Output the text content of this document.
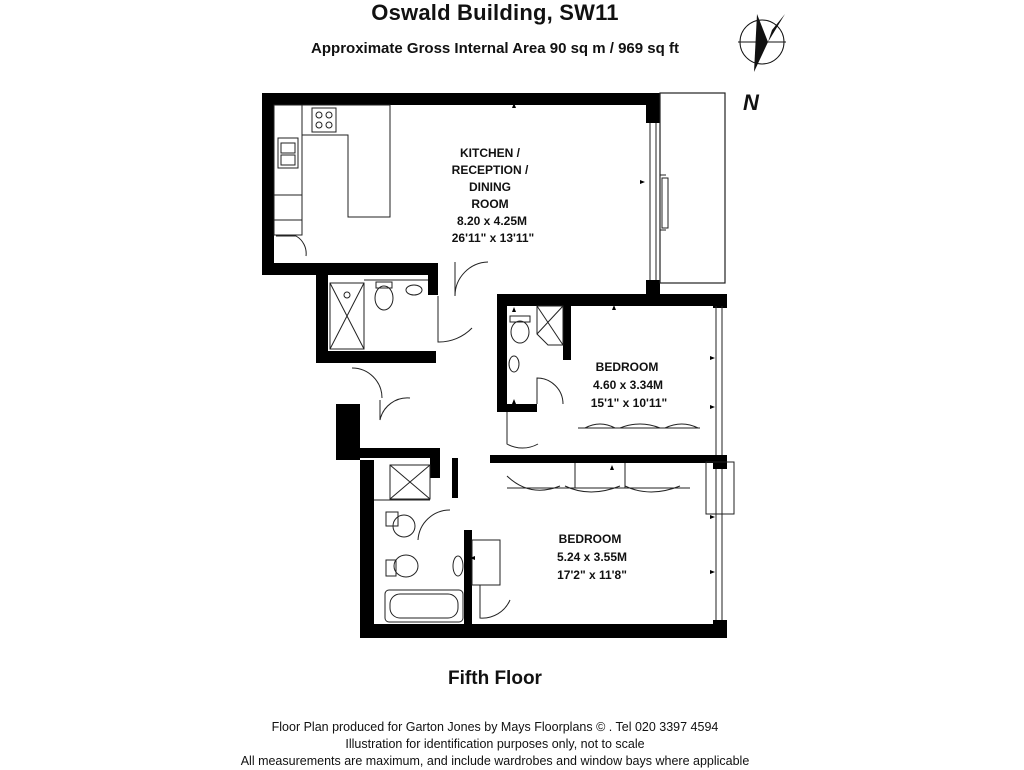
Oswald Building, SW11
Approximate Gross Internal Area 90 sq m / 969 sq ft
N
KITCHEN /
RECEPTION /
DINING
ROOM
8.20 x 4.25M
26'11" x 13'11"
BEDROOM
4.60 x 3.34M
15'1" x 10'11"
BEDROOM
5.24 x 3.55M
17'2" x 11'8"
Fifth Floor
Floor Plan produced for Garton Jones by Mays Floorplans © . Tel 020 3397 4594
Illustration for identification purposes only, not to scale
All measurements are maximum, and include wardrobes and window bays where applicable
